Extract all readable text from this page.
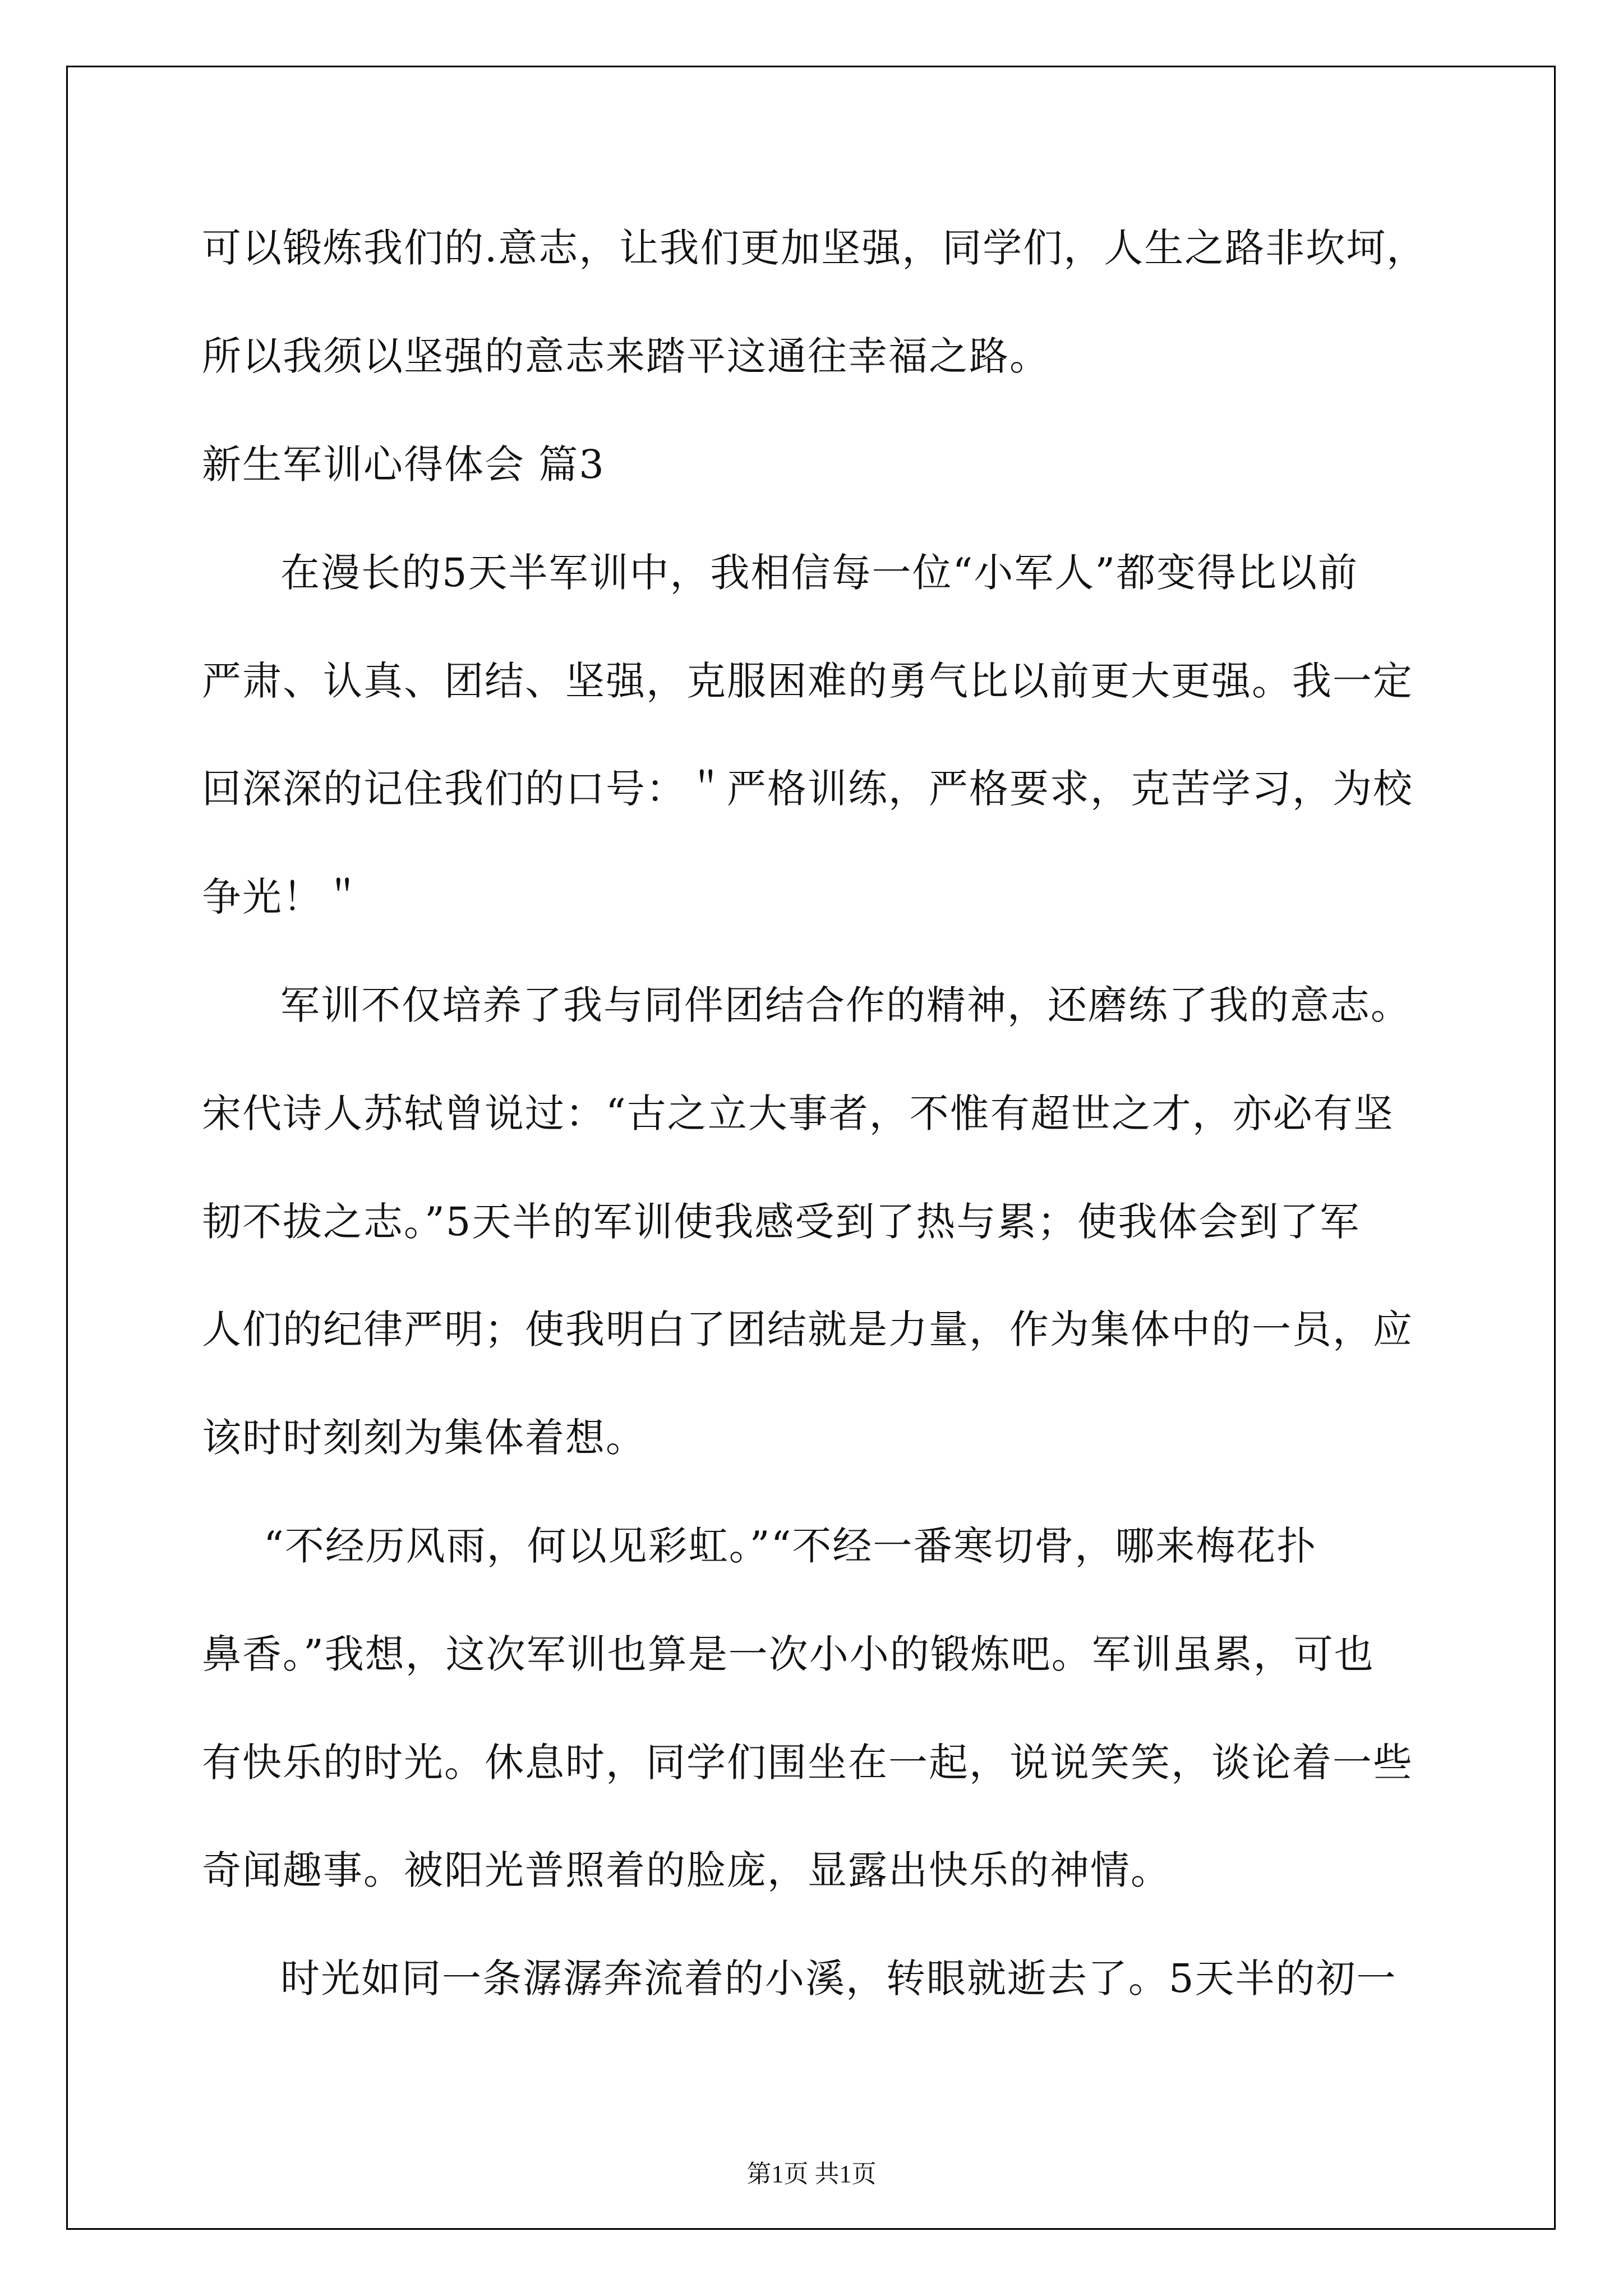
可以锻炼我们的.意志，让我们更加坚强，同学们，人生之路非坎坷，

所以我须以坚强的意志来踏平这通往幸福之路。

新生军训心得体会 篇3

在漫长的5天半军训中，我相信每一位“小军人”都变得比以前

严肃、认真、团结、坚强，克服困难的勇气比以前更大更强。我一定

回深深的记住我们的口号：＂严格训练，严格要求，克苦学习，为校

争光！＂

军训不仅培养了我与同伴团结合作的精神，还磨练了我的意志。

宋代诗人苏轼曾说过：“古之立大事者，不惟有超世之才，亦必有坚

韧不拔之志。”5天半的军训使我感受到了热与累；使我体会到了军

人们的纪律严明；使我明白了团结就是力量，作为集体中的一员，应

该时时刻刻为集体着想。

“不经历风雨，何以见彩虹。”“不经一番寒切骨，哪来梅花扑

鼻香。”我想，这次军训也算是一次小小的锻炼吧。军训虽累，可也

有快乐的时光。休息时，同学们围坐在一起，说说笑笑，谈论着一些

奇闻趣事。被阳光普照着的脸庞，显露出快乐的神情。

时光如同一条潺潺奔流着的小溪，转眼就逝去了。5天半的初一

第1页 共1页
